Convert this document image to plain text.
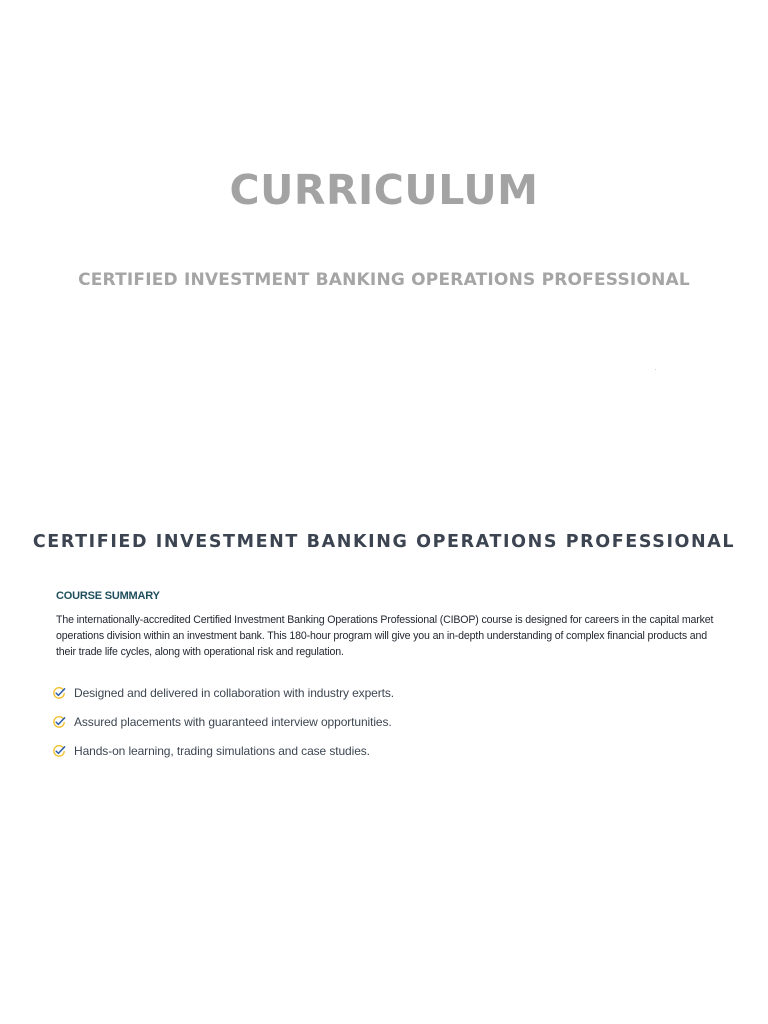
CURRICULUM
CERTIFIED INVESTMENT BANKING OPERATIONS PROFESSIONAL
CERTIFIED INVESTMENT BANKING OPERATIONS PROFESSIONAL
COURSE SUMMARY

The internationally-accredited Certified Investment Banking Operations Professional (CIBOP) course is designed for careers in the capital market operations division within an investment bank. This 180-hour program will give you an in-depth understanding of complex financial products and their trade life cycles, along with operational risk and regulation.

Designed and delivered in collaboration with industry experts.
Assured placements with guaranteed interview opportunities.
Hands-on learning, trading simulations and case studies.
